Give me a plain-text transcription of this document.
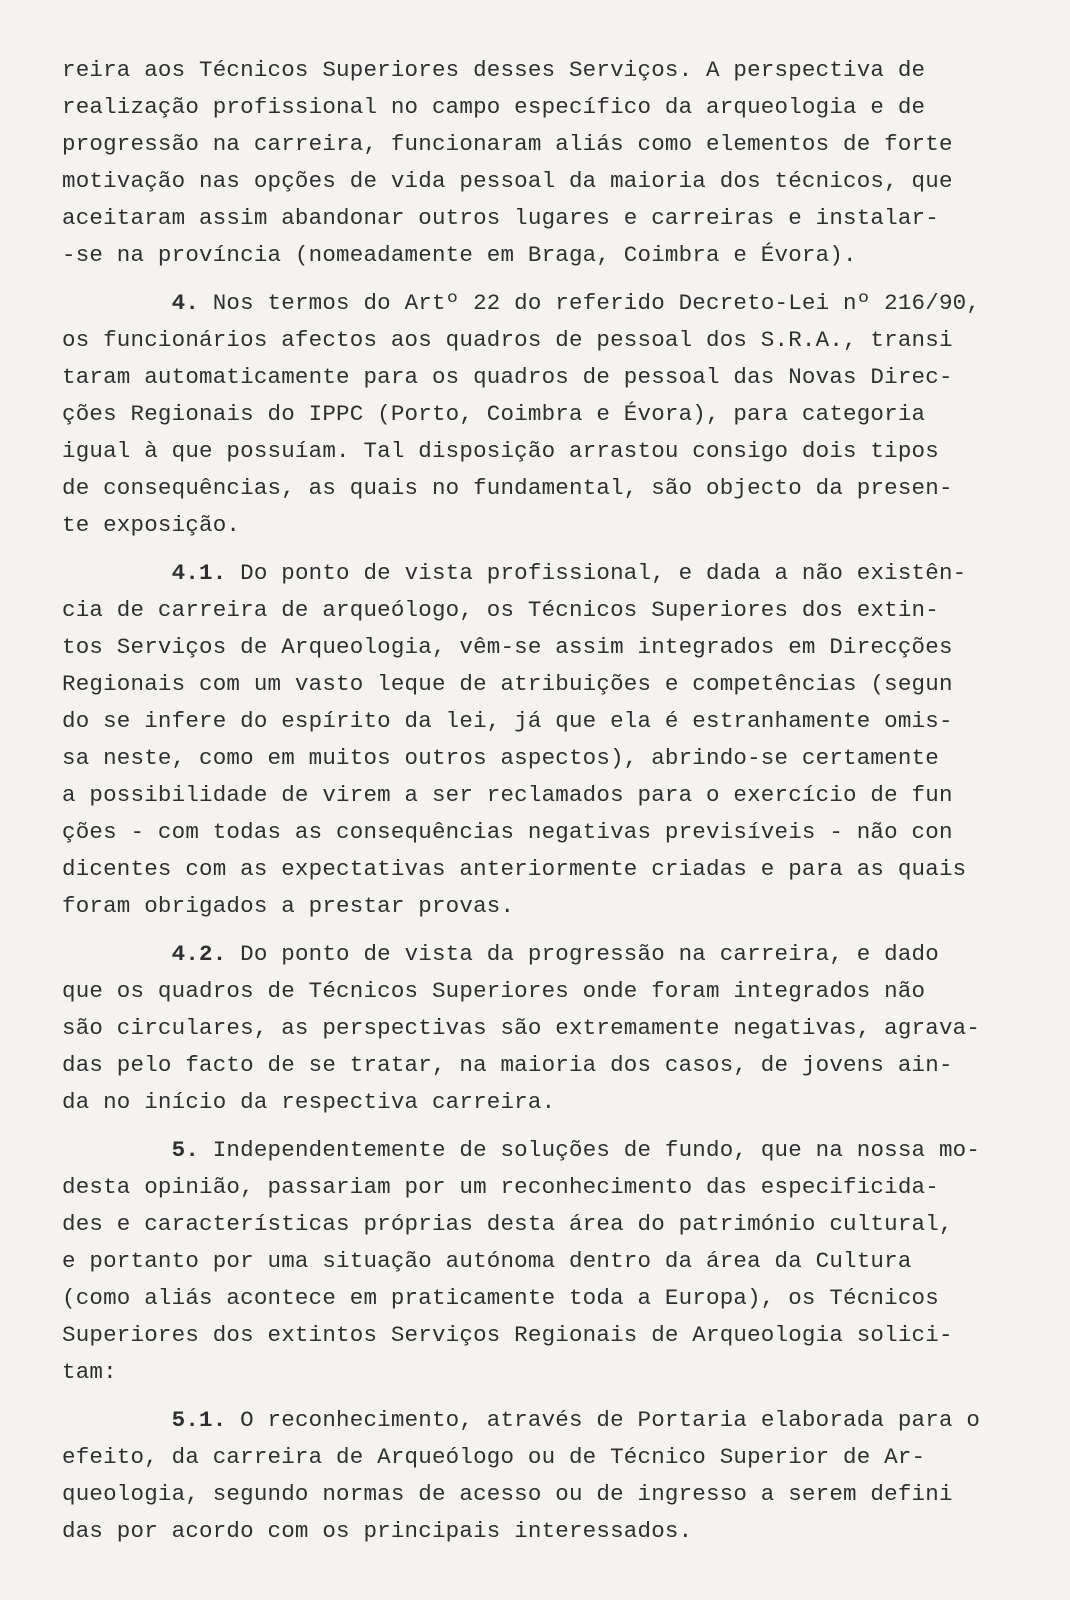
reira aos Técnicos Superiores desses Serviços. A perspectiva de
realização profissional no campo específico da arqueologia e de
progressão na carreira, funcionaram aliás como elementos de forte
motivação nas opções de vida pessoal da maioria dos técnicos, que
aceitaram assim abandonar outros lugares e carreiras e instalar-
-se na província (nomeadamente em Braga, Coimbra e Évora).
4. Nos termos do Artº 22 do referido Decreto-Lei nº 216/90,
os funcionários afectos aos quadros de pessoal dos S.R.A., transi
taram automaticamente para os quadros de pessoal das Novas Direc-
ções Regionais do IPPC (Porto, Coimbra e Évora), para categoria
igual à que possuíam. Tal disposição arrastou consigo dois tipos
de consequências, as quais no fundamental, são objecto da presen-
te exposição.
4.1. Do ponto de vista profissional, e dada a não existên-
cia de carreira de arqueólogo, os Técnicos Superiores dos extin-
tos Serviços de Arqueologia, vêm-se assim integrados em Direcções
Regionais com um vasto leque de atribuições e competências (segun
do se infere do espírito da lei, já que ela é estranhamente omis-
sa neste, como em muitos outros aspectos), abrindo-se certamente
a possibilidade de virem a ser reclamados para o exercício de fun
ções - com todas as consequências negativas previsíveis - não con
dicentes com as expectativas anteriormente criadas e para as quais
foram obrigados a prestar provas.
4.2. Do ponto de vista da progressão na carreira, e dado
que os quadros de Técnicos Superiores onde foram integrados não
são circulares, as perspectivas são extremamente negativas, agrava-
das pelo facto de se tratar, na maioria dos casos, de jovens ain-
da no início da respectiva carreira.
5. Independentemente de soluções de fundo, que na nossa mo-
desta opinião, passariam por um reconhecimento das especificida-
des e características próprias desta área do património cultural,
e portanto por uma situação autónoma dentro da área da Cultura
(como aliás acontece em praticamente toda a Europa), os Técnicos
Superiores dos extintos Serviços Regionais de Arqueologia solici-
tam:
5.1. O reconhecimento, através de Portaria elaborada para o
efeito, da carreira de Arqueólogo ou de Técnico Superior de Ar-
queologia, segundo normas de acesso ou de ingresso a serem defini
das por acordo com os principais interessados.
